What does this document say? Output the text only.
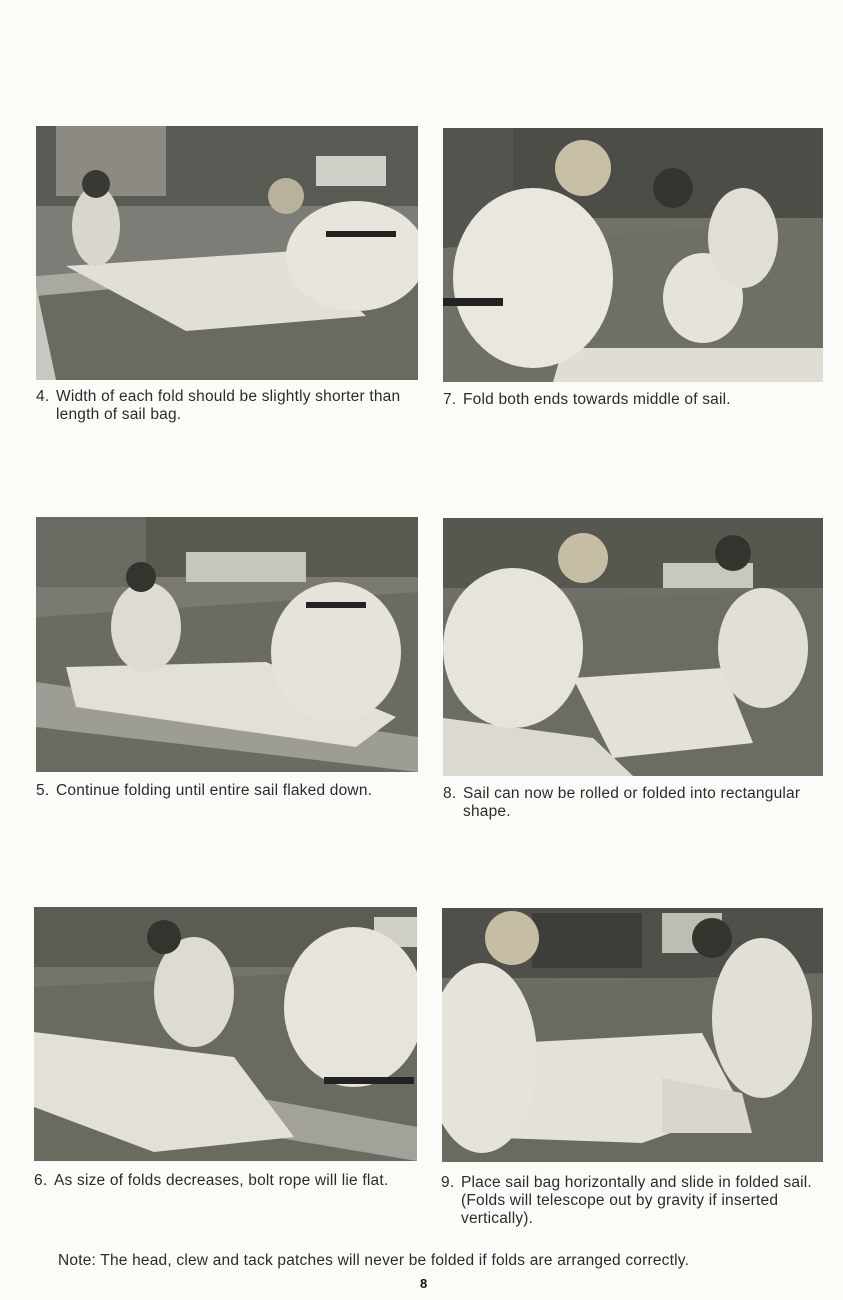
4. Width of each fold should be slightly shorter than length of sail bag.
7. Fold both ends towards middle of sail.
5. Continue folding until entire sail flaked down.	8. Sail can now be rolled or folded into rectangular shape.
6. As size of folds decreases, bolt rope will lie flat.	9. Place sail bag horizontally and slide in folded sail. (Folds will telescope out by gravity if inserted vertically).
Note: The head, clew and tack patches will never be folded if folds are arranged correctly.
8
